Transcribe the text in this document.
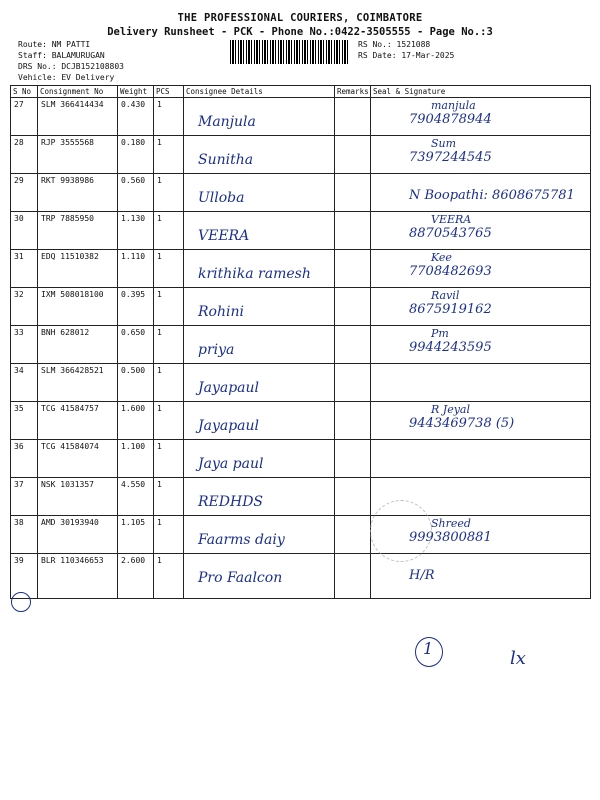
THE PROFESSIONAL COURIERS, COIMBATORE
Delivery Runsheet - PCK - Phone No.:0422-3505555 - Page No.:3
Route: NM PATTI
Staff: BALAMURUGAN
DRS No.: DCJB152108803
Vehicle: EV Delivery
RS No.: 1521088
RS Date: 17-Mar-2025
S No	Consignment No	Weight	PCS	Consignee Details	Remarks	Seal & Signature
27	SLM 366414434	0.430	1	Manjula		manjula
7904878944

28	RJP 3555568	0.180	1	Sunitha		Sum
7397244545

29	RKT 9938986	0.560	1	Ulloba		N Boopathi: 8608675781

30	TRP 7885950	1.130	1	VEERA		VEERA
8870543765

31	EDQ 11510382	1.110	1	krithika ramesh		Kee
7708482693

32	IXM 508018100	0.395	1	Rohini		Ravil
8675919162

33	BNH 628012	0.650	1	priya		Pm
9944243595

34	SLM 366428521	0.500	1	Jayapaul		

35	TCG 41584757	1.600	1	Jayapaul		R Jeyal
9443469738 (5)

36	TCG 41584074	1.100	1	Jaya paul		

37	NSK 1031357	4.550	1	REDHDS		

38	AMD 30193940	1.105	1	Faarms daiy		Shreed
9993800881

39	BLR 110346653	2.600	1	Pro Faalcon		H/R
1	lx
